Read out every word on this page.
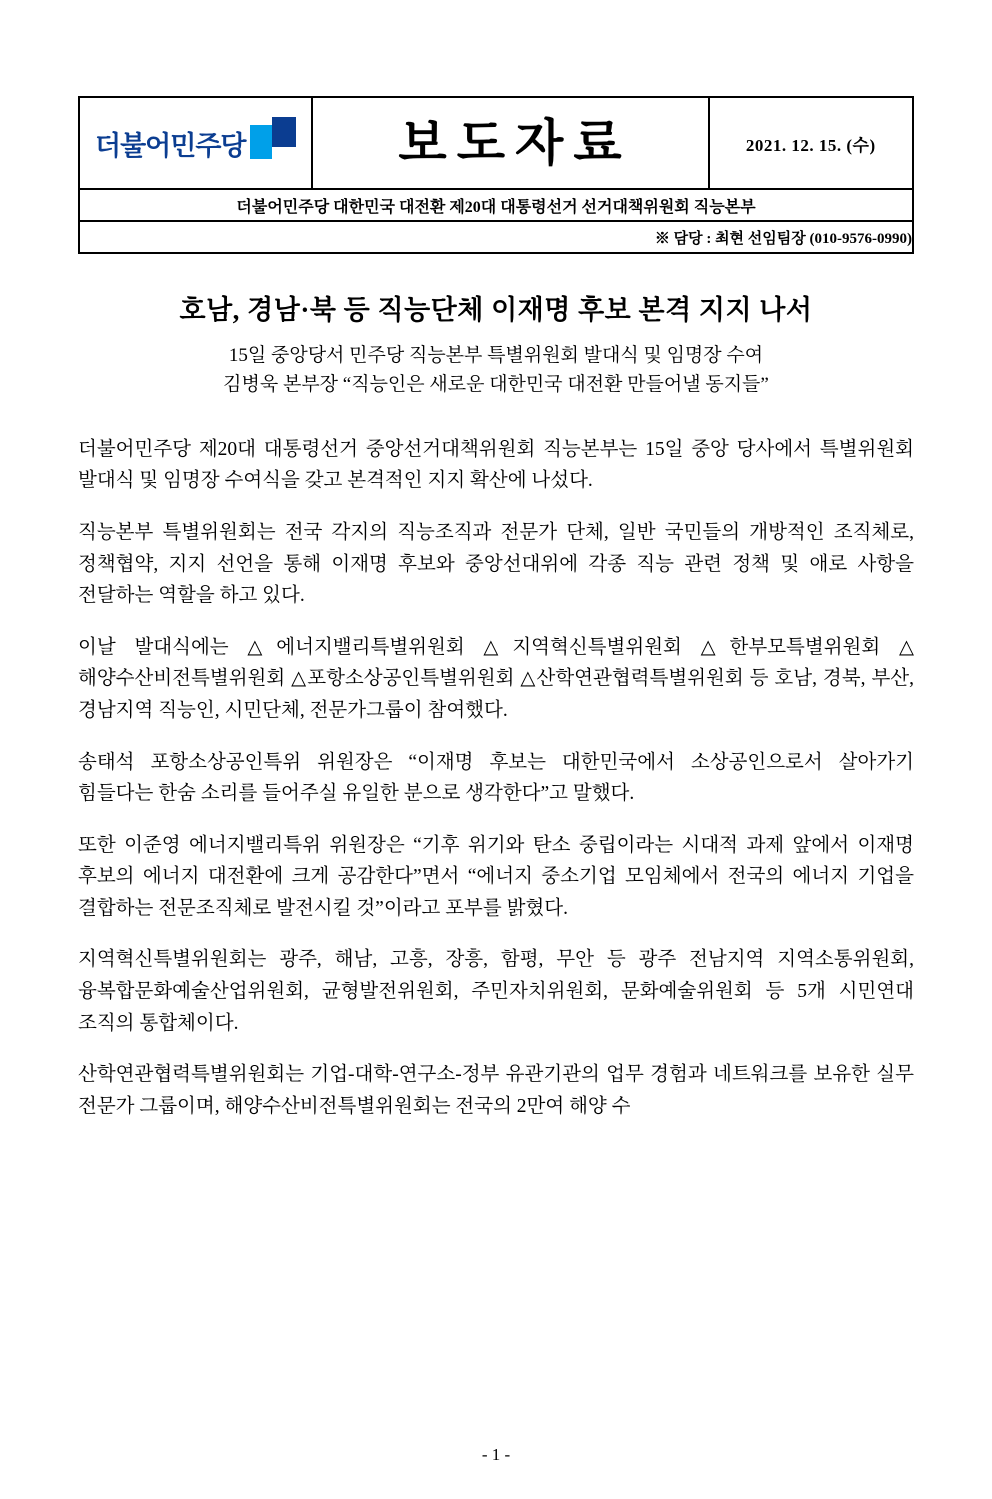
더불어민주당	보도자료	2021. 12. 15. (수)

더불어민주당 대한민국 대전환 제20대 대통령선거 선거대책위원회 직능본부
※ 담당 : 최현 선임팀장 (010-9576-0990)
호남, 경남·북 등 직능단체 이재명 후보 본격 지지 나서
15일 중앙당서 민주당 직능본부 특별위원회 발대식 및 임명장 수여
김병욱 본부장 “직능인은 새로운 대한민국 대전환 만들어낼 동지들”

더불어민주당 제20대 대통령선거 중앙선거대책위원회 직능본부는 15일 중앙 당사에서 특별위원회 발대식 및 임명장 수여식을 갖고 본격적인 지지 확산에 나섰다.

직능본부 특별위원회는 전국 각지의 직능조직과 전문가 단체, 일반 국민들의 개방적인 조직체로, 정책협약, 지지 선언을 통해 이재명 후보와 중앙선대위에 각종 직능 관련 정책 및 애로 사항을 전달하는 역할을 하고 있다.

이날 발대식에는 △에너지밸리특별위원회 △지역혁신특별위원회 △한부모특별위원회 △해양수산비전특별위원회 △포항소상공인특별위원회 △산학연관협력특별위원회 등 호남, 경북, 부산, 경남지역 직능인, 시민단체, 전문가그룹이 참여했다.

송태석 포항소상공인특위 위원장은 “이재명 후보는 대한민국에서 소상공인으로서 살아가기 힘들다는 한숨 소리를 들어주실 유일한 분으로 생각한다”고 말했다.

또한 이준영 에너지밸리특위 위원장은 “기후 위기와 탄소 중립이라는 시대적 과제 앞에서 이재명 후보의 에너지 대전환에 크게 공감한다”면서 “에너지 중소기업 모임체에서 전국의 에너지 기업을 결합하는 전문조직체로 발전시킬 것”이라고 포부를 밝혔다.

지역혁신특별위원회는 광주, 해남, 고흥, 장흥, 함평, 무안 등 광주 전남지역 지역소통위원회, 융복합문화예술산업위원회, 균형발전위원회, 주민자치위원회, 문화예술위원회 등 5개 시민연대 조직의 통합체이다.

산학연관협력특별위원회는 기업-대학-연구소-정부 유관기관의 업무 경험과 네트워크를 보유한 실무 전문가 그룹이며, 해양수산비전특별위원회는 전국의 2만여 해양 수

- 1 -
